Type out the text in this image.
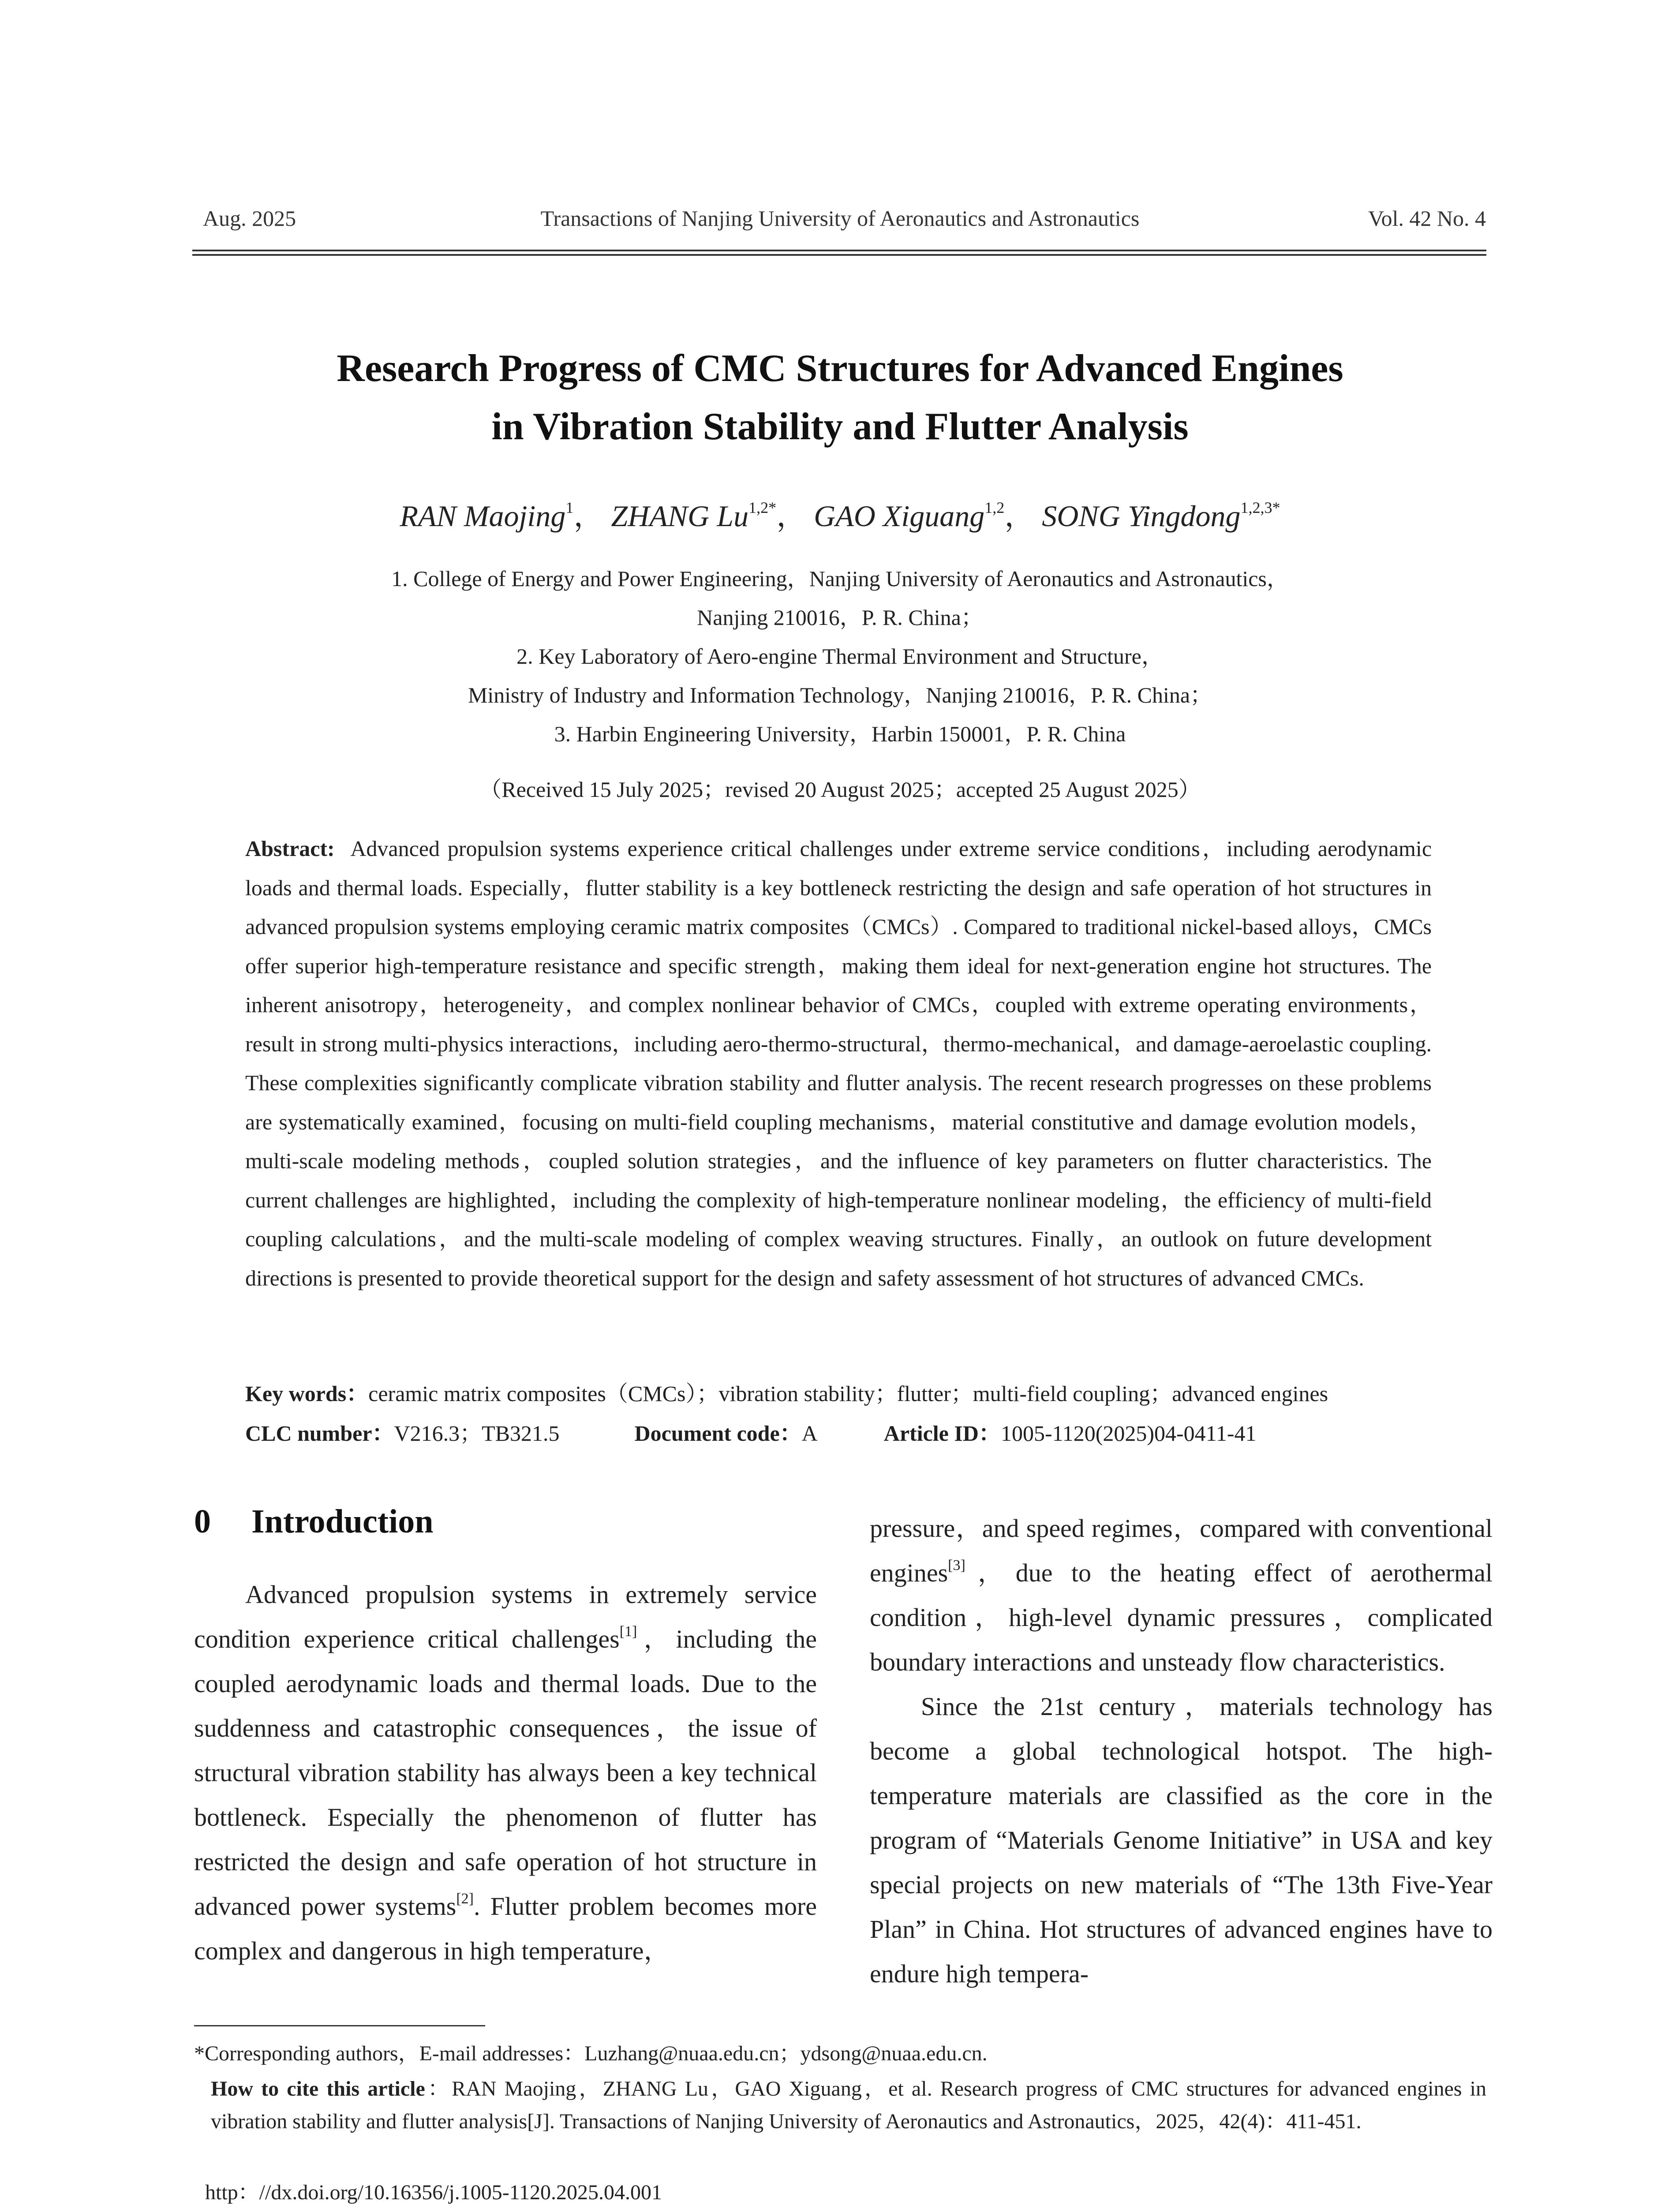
Aug. 2025	Transactions of Nanjing University of Aeronautics and Astronautics	Vol. 42 No. 4
Research Progress of CMC Structures for Advanced Engines
in Vibration Stability and Flutter Analysis
RAN Maojing$^1$， ZHANG $Lu^{1,2*}$， GAO Xiguang$^{1,2}$， SONG Yingdong$^{1,2,3*}$
1. College of Energy and Power Engineering，Nanjing University of Aeronautics and Astronautics，
Nanjing 210016，P. R. China；
2. Key Laboratory of Aero-engine Thermal Environment and Structure，
Ministry of Industry and Information Technology，Nanjing 210016，P. R. China；
3. Harbin Engineering University，Harbin 150001，P. R. China
（Received 15 July 2025；revised 20 August 2025；accepted 25 August 2025）
Abstract: Advanced propulsion systems experience critical challenges under extreme service conditions，including aerodynamic loads and thermal loads. Especially，flutter stability is a key bottleneck restricting the design and safe operation of hot structures in advanced propulsion systems employing ceramic matrix composites（CMCs）. Compared to traditional nickel-based alloys，CMCs offer superior high-temperature resistance and specific strength，making them ideal for next-generation engine hot structures. The inherent anisotropy，heterogeneity，and complex nonlinear behavior of CMCs，coupled with extreme operating environments，result in strong multi-physics interactions，including aero-thermo-structural，thermo-mechanical，and damage-aeroelastic coupling. These complexities significantly complicate vibration stability and flutter analysis. The recent research progresses on these problems are systematically examined，focusing on multi-field coupling mechanisms，material constitutive and damage evolution models，multi-scale modeling methods，coupled solution strategies，and the influence of key parameters on flutter characteristics. The current challenges are highlighted，including the complexity of high-temperature nonlinear modeling，the efficiency of multi-field coupling calculations，and the multi-scale modeling of complex weaving structures. Finally，an outlook on future development directions is presented to provide theoretical support for the design and safety assessment of hot structures of advanced CMCs.
Key words：ceramic matrix composites（CMCs）；vibration stability；flutter；multi-field coupling；advanced engines
CLC number：V216.3；TB321.5	Document code：A	Article ID：1005-1120(2025)04-0411-41
0 Introduction

Advanced propulsion systems in extremely service condition experience critical challenges[1]，including the coupled aerodynamic loads and thermal loads. Due to the suddenness and catastrophic consequences，the issue of structural vibration stability has always been a key technical bottleneck. Especially the phenomenon of flutter has restricted the design and safe operation of hot structure in advanced power systems[2]. Flutter problem becomes more complex and dangerous in high temperature，

pressure，and speed regimes，compared with conventional engines[3]，due to the heating effect of aerothermal condition，high-level dynamic pressures，complicated boundary interactions and unsteady flow characteristics.

Since the 21st century，materials technology has become a global technological hotspot. The high-temperature materials are classified as the core in the program of “Materials Genome Initiative” in USA and key special projects on new materials of “The 13th Five-Year Plan” in China. Hot structures of advanced engines have to endure high tempera-

*Corresponding authors，E-mail addresses：Luzhang@nuaa.edu.cn；ydsong@nuaa.edu.cn.
How to cite this article：RAN Maojing，ZHANG Lu，GAO Xiguang，et al. Research progress of CMC structures for advanced engines in vibration stability and flutter analysis[J]. Transactions of Nanjing University of Aeronautics and Astronautics，2025，42(4)：411-451.
http：//dx.doi.org/10.16356/j.1005-1120.2025.04.001
